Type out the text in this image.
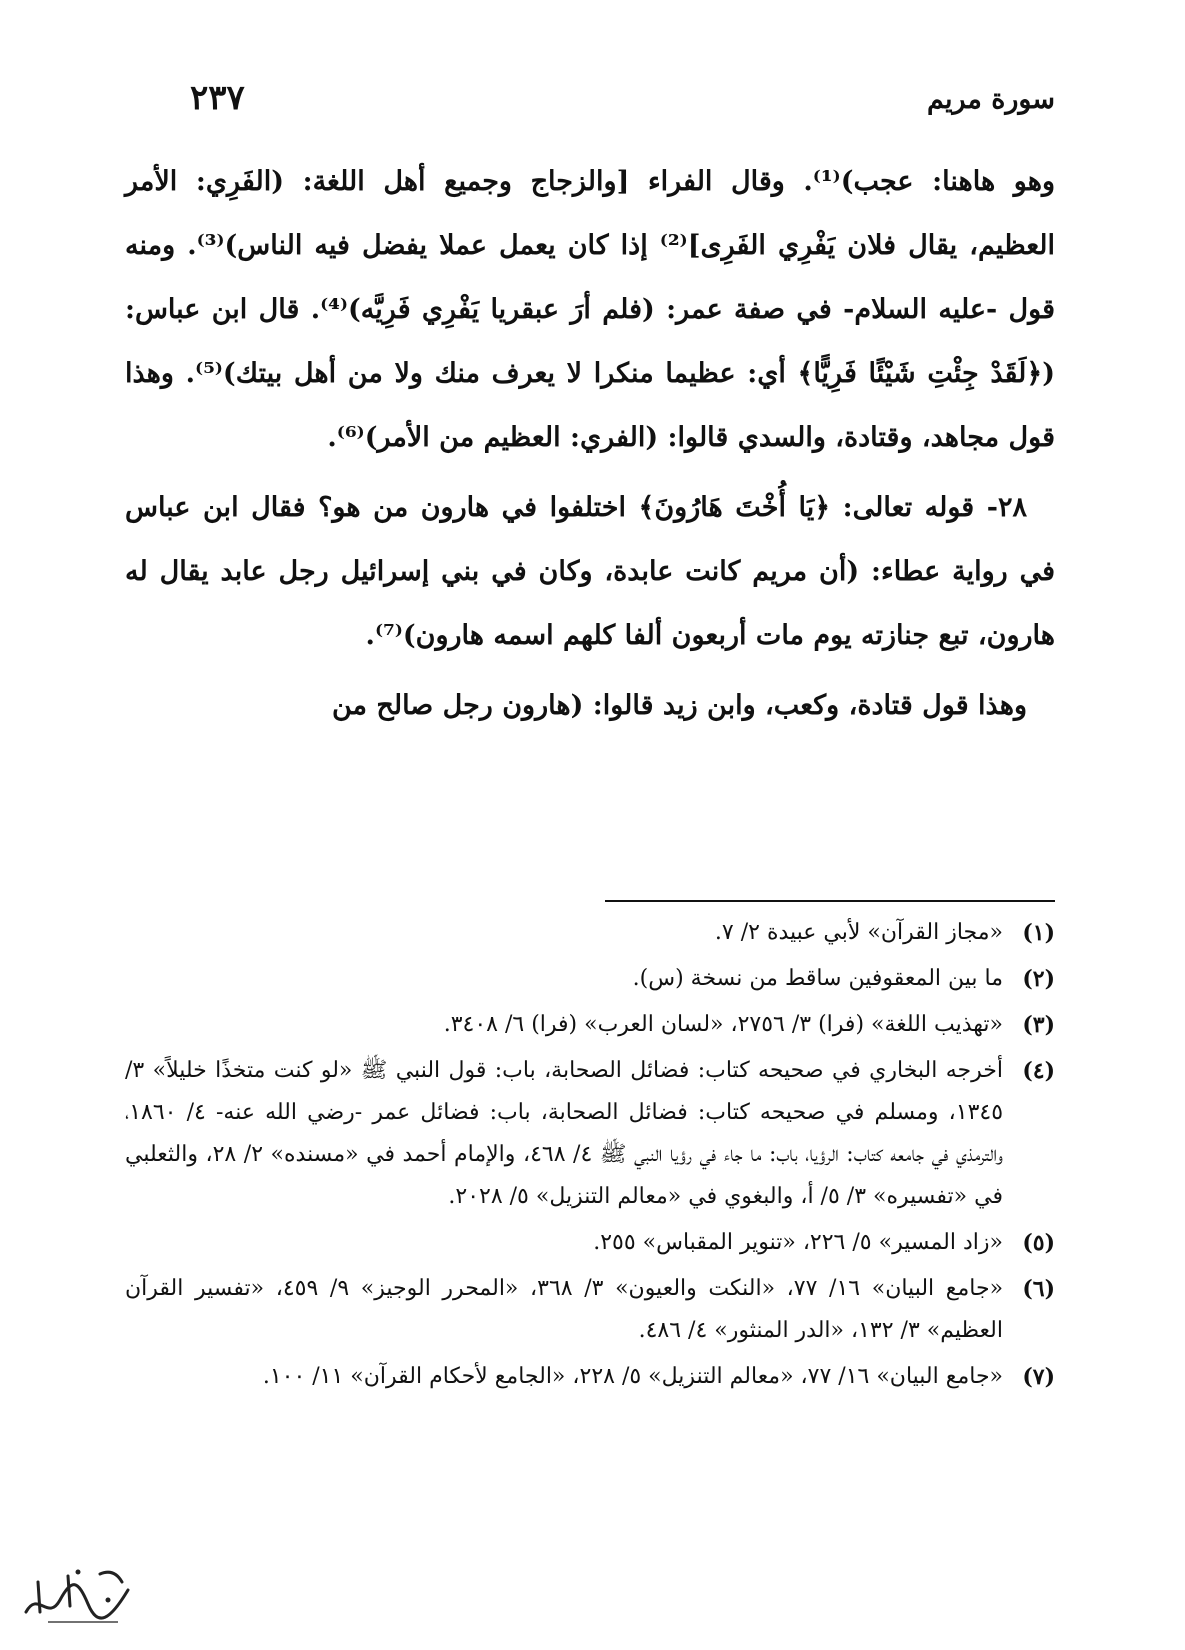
سورة مريم
٢٣٧

وهو هاهنا: عجب)⁽¹⁾. وقال الفراء [والزجاج وجميع أهل اللغة: (الفَرِي: الأمر العظيم، يقال فلان يَفْرِي الفَرِى]⁽²⁾ إذا كان يعمل عملا يفضل فيه الناس)⁽³⁾. ومنه قول -عليه السلام- في صفة عمر: (فلم أرَ عبقريا يَفْرِي فَرِيَّه)⁽⁴⁾. قال ابن عباس: (﴿لَقَدْ جِئْتِ شَيْئًا فَرِيًّا﴾ أي: عظيما منكرا لا يعرف منك ولا من أهل بيتك)⁽⁵⁾. وهذا قول مجاهد، وقتادة، والسدي قالوا: (الفري: العظيم من الأمر)⁽⁶⁾.

٢٨- قوله تعالى: ﴿يَا أُخْتَ هَارُونَ﴾ اختلفوا في هارون من هو؟ فقال ابن عباس في رواية عطاء: (أن مريم كانت عابدة، وكان في بني إسرائيل رجل عابد يقال له هارون، تبع جنازته يوم مات أربعون ألفا كلهم اسمه هارون)⁽⁷⁾.

وهذا قول قتادة، وكعب، وابن زيد قالوا: (هارون رجل صالح من

(١)
«مجاز القرآن» لأبي عبيدة ٢/ ٧.
(٢)
ما بين المعقوفين ساقط من نسخة (س).
(٣)
«تهذيب اللغة» (فرا) ٣/ ٢٧٥٦، «لسان العرب» (فرا) ٦/ ٣٤٠٨.
(٤)
أخرجه البخاري في صحيحه كتاب: فضائل الصحابة، باب: قول النبي ﷺ «لو كنت متخذًا خليلاً» ٣/ ١٣٤٥، ومسلم في صحيحه كتاب: فضائل الصحابة، باب: فضائل عمر -رضي الله عنه- ٤/ ١٨٦٠، والترمذي في جامعه كتاب: الرؤيا، باب: ما جاء في رؤيا النبي ﷺ ٤/ ٤٦٨، والإمام أحمد في «مسنده» ٢/ ٢٨، والثعلبي في «تفسيره» ٣/ ٥/ أ، والبغوي في «معالم التنزيل» ٥/ ٢٠٢٨.
(٥)
«زاد المسير» ٥/ ٢٢٦، «تنوير المقباس» ٢٥٥.
(٦)
«جامع البيان» ١٦/ ٧٧، «النكت والعيون» ٣/ ٣٦٨، «المحرر الوجيز» ٩/ ٤٥٩، «تفسير القرآن العظيم» ٣/ ١٣٢، «الدر المنثور» ٤/ ٤٨٦.
(٧)
«جامع البيان» ١٦/ ٧٧، «معالم التنزيل» ٥/ ٢٢٨، «الجامع لأحكام القرآن» ١١/ ١٠٠.
